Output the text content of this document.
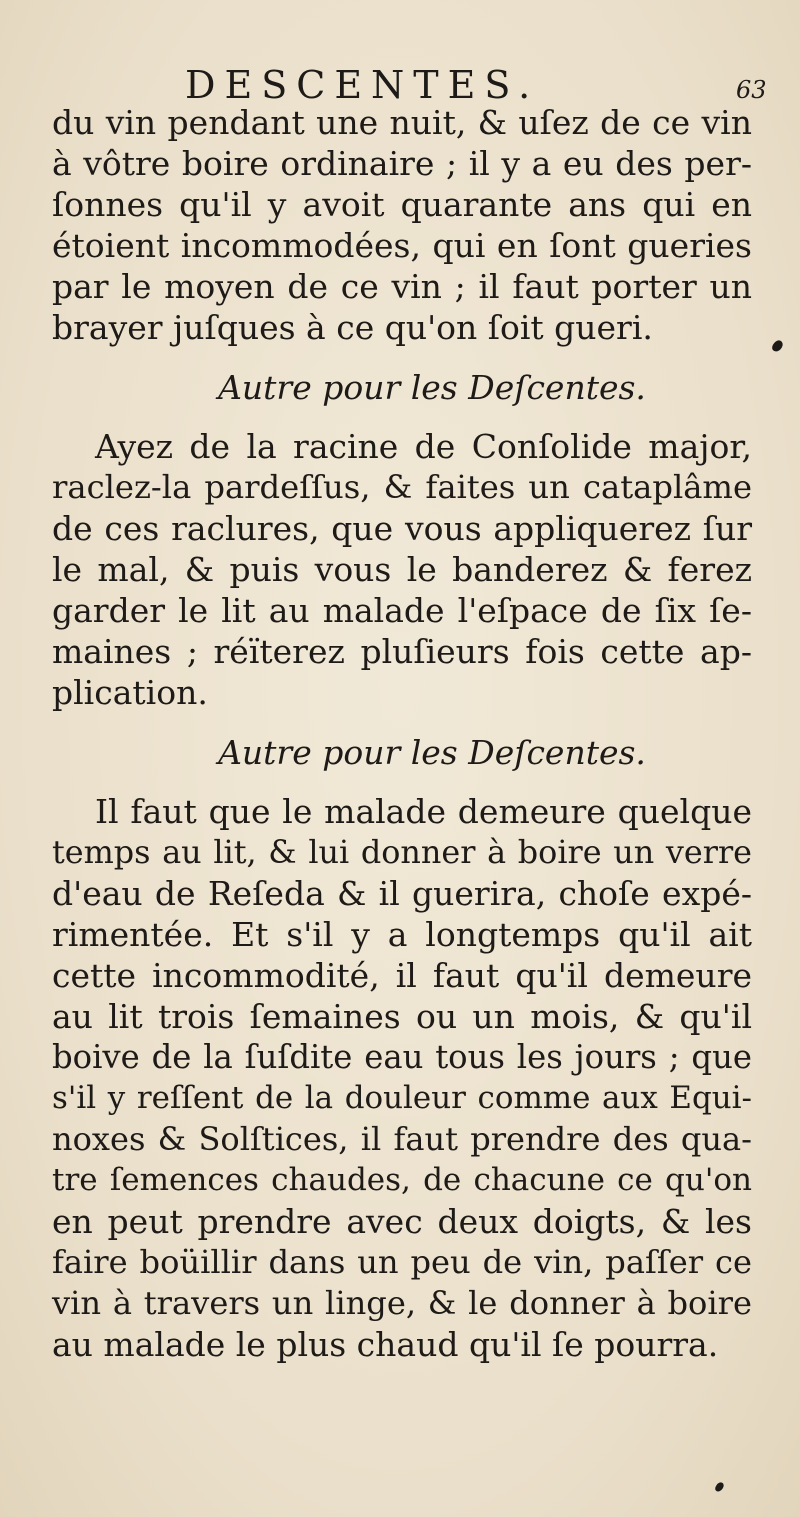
DESCENTES.	63
du vin pendant une nuit, & uſez de ce vin
à vôtre boire ordinaire ; il y a eu des per-
ſonnes qu'il y avoit quarante ans qui en
étoient incommodées, qui en ſont gueries
par le moyen de ce vin ; il faut porter un
brayer juſques à ce qu'on ſoit gueri.
Autre pour les Deſcentes.
Ayez de la racine de Conſolide major,
raclez-la pardeſſus, & faites un cataplâme
de ces raclures, que vous appliquerez ſur
le mal, & puis vous le banderez & ferez
garder le lit au malade l'eſpace de ſix ſe-
maines ; réïterez pluſieurs fois cette ap-
plication.
Autre pour les Deſcentes.
Il faut que le malade demeure quelque
temps au lit, & lui donner à boire un verre
d'eau de Reſeda & il guerira, choſe expé-
rimentée. Et s'il y a longtemps qu'il ait
cette incommodité, il faut qu'il demeure
au lit trois ſemaines ou un mois, & qu'il
boive de la ſuſdite eau tous les jours ; que
s'il y reſſent de la douleur comme aux Equi-
noxes & Solſtices, il faut prendre des qua-
tre ſemences chaudes, de chacune ce qu'on
en peut prendre avec deux doigts, & les
faire boüillir dans un peu de vin, paſſer ce
vin à travers un linge, & le donner à boire
au malade le plus chaud qu'il ſe pourra.
